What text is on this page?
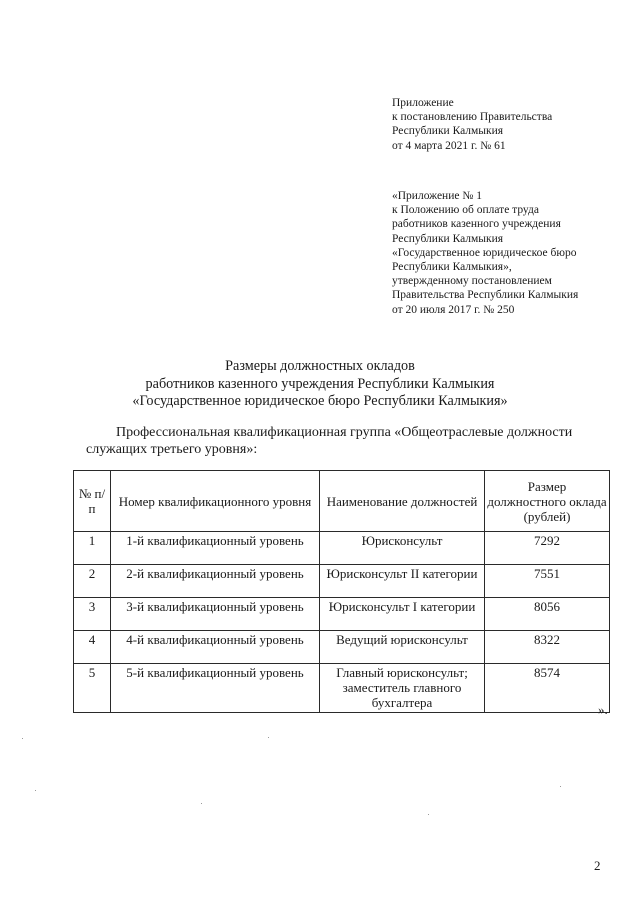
Приложение
к постановлению Правительства
Республики Калмыкия
от 4 марта 2021 г. № 61
«Приложение № 1
к Положению об оплате труда
работников казенного учреждения
Республики Калмыкия
«Государственное юридическое бюро
Республики Калмыкия»,
утвержденному постановлением
Правительства Республики Калмыкия
от 20 июля 2017 г. № 250
Размеры должностных окладов
работников казенного учреждения Республики Калмыкия
«Государственное юридическое бюро Республики Калмыкия»
Профессиональная квалификационная группа «Общеотраслевые должности
служащих третьего уровня»:
№ п/п	Номер квалификационного уровня	Наименование должностей	Размер должностного оклада (рублей)
1	1-й квалификационный уровень	Юрисконсульт	7292
2	2-й квалификационный уровень	Юрисконсульт II категории	7551
3	3-й квалификационный уровень	Юрисконсульт I категории	8056
4	4-й квалификационный уровень	Ведущий юрисконсульт	8322
5	5-й квалификационный уровень	Главный юрисконсульт; заместитель главного бухгалтера	8574
».
2
